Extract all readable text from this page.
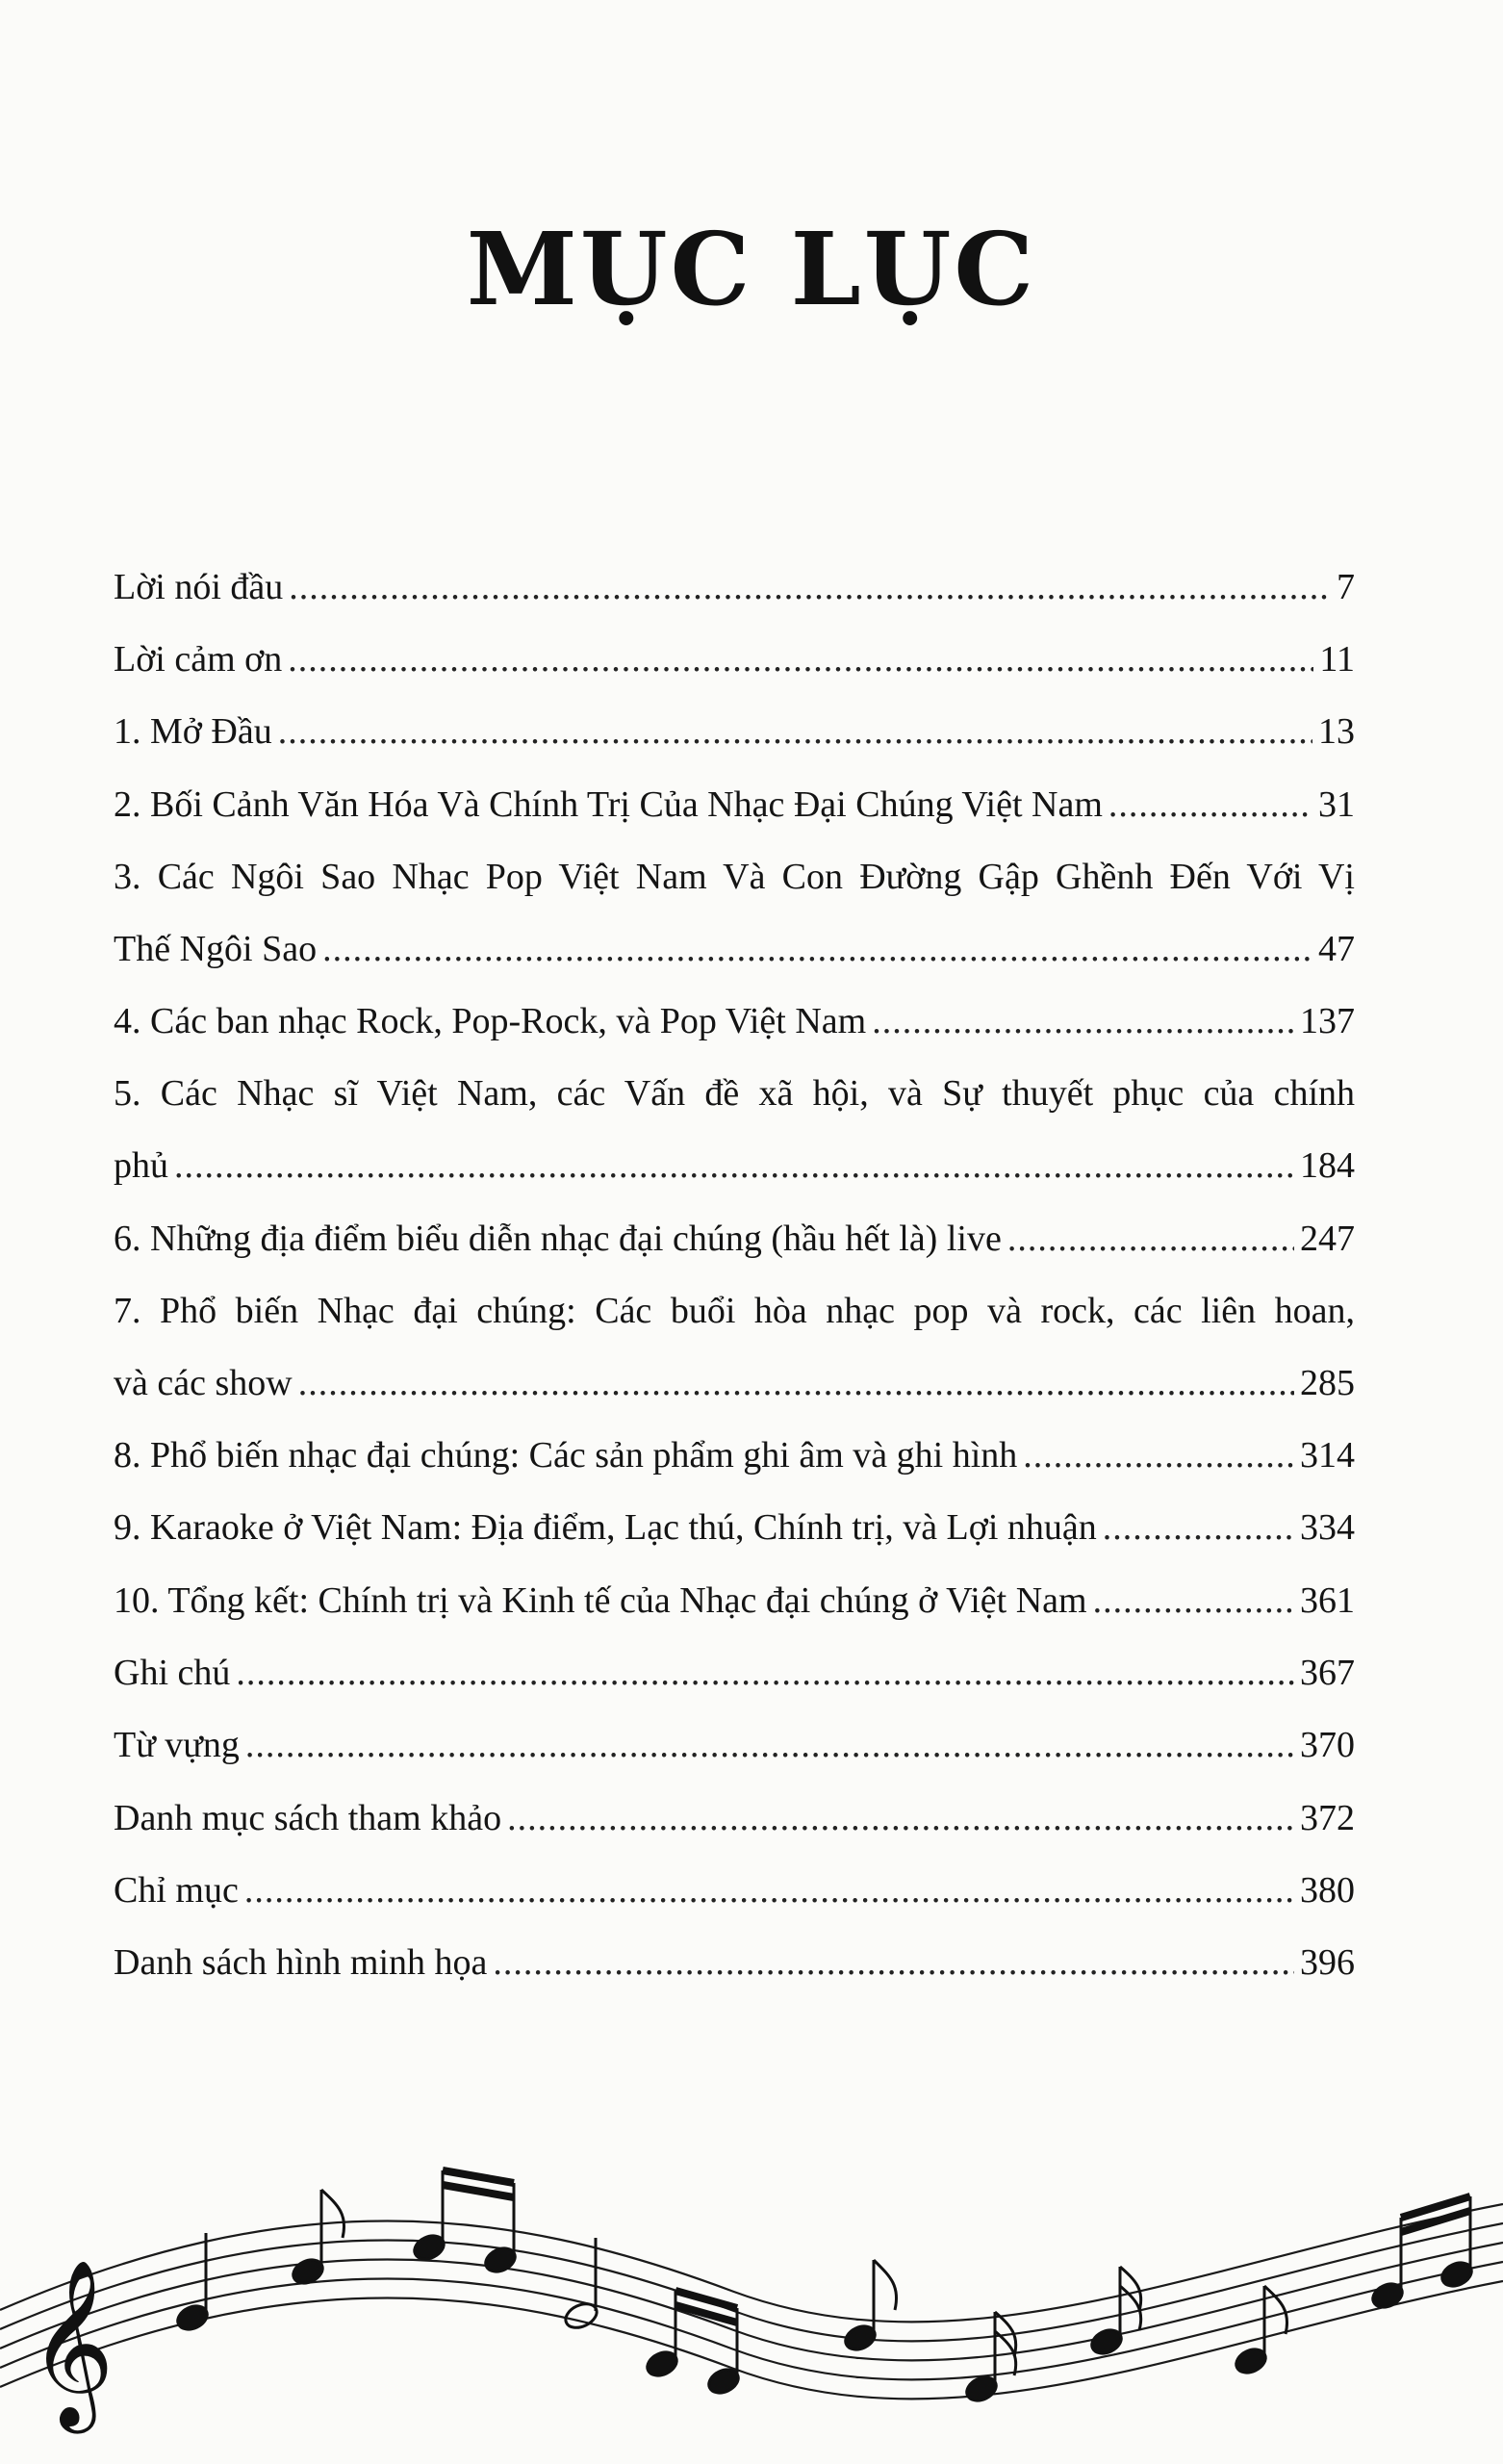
MỤC LỤC
Lời nói đầu .....	7
Lời cảm ơn .....	11
1. Mở Đầu .....	13
2. Bối Cảnh Văn Hóa Và Chính Trị Của Nhạc Đại Chúng Việt Nam .....	31
3. Các Ngôi Sao Nhạc Pop Việt Nam Và Con Đường Gập Ghềnh Đến Với Vị
Thế Ngôi Sao .....	47
4. Các ban nhạc Rock, Pop-Rock, và Pop Việt Nam .....	137
5. Các Nhạc sĩ Việt Nam, các Vấn đề xã hội, và Sự thuyết phục của chính
phủ .....	184
6. Những địa điểm biểu diễn nhạc đại chúng (hầu hết là) live .....	247
7. Phổ biến Nhạc đại chúng: Các buổi hòa nhạc pop và rock, các liên hoan,
và các show .....	285
8. Phổ biến nhạc đại chúng: Các sản phẩm ghi âm và ghi hình .....	314
9. Karaoke ở Việt Nam: Địa điểm, Lạc thú, Chính trị, và Lợi nhuận .....	334
10. Tổng kết: Chính trị và Kinh tế của Nhạc đại chúng ở Việt Nam .....	361
Ghi chú .....	367
Từ vựng .....	370
Danh mục sách tham khảo .....	372
Chỉ mục .....	380
Danh sách hình minh họa .....	396
𝄞
